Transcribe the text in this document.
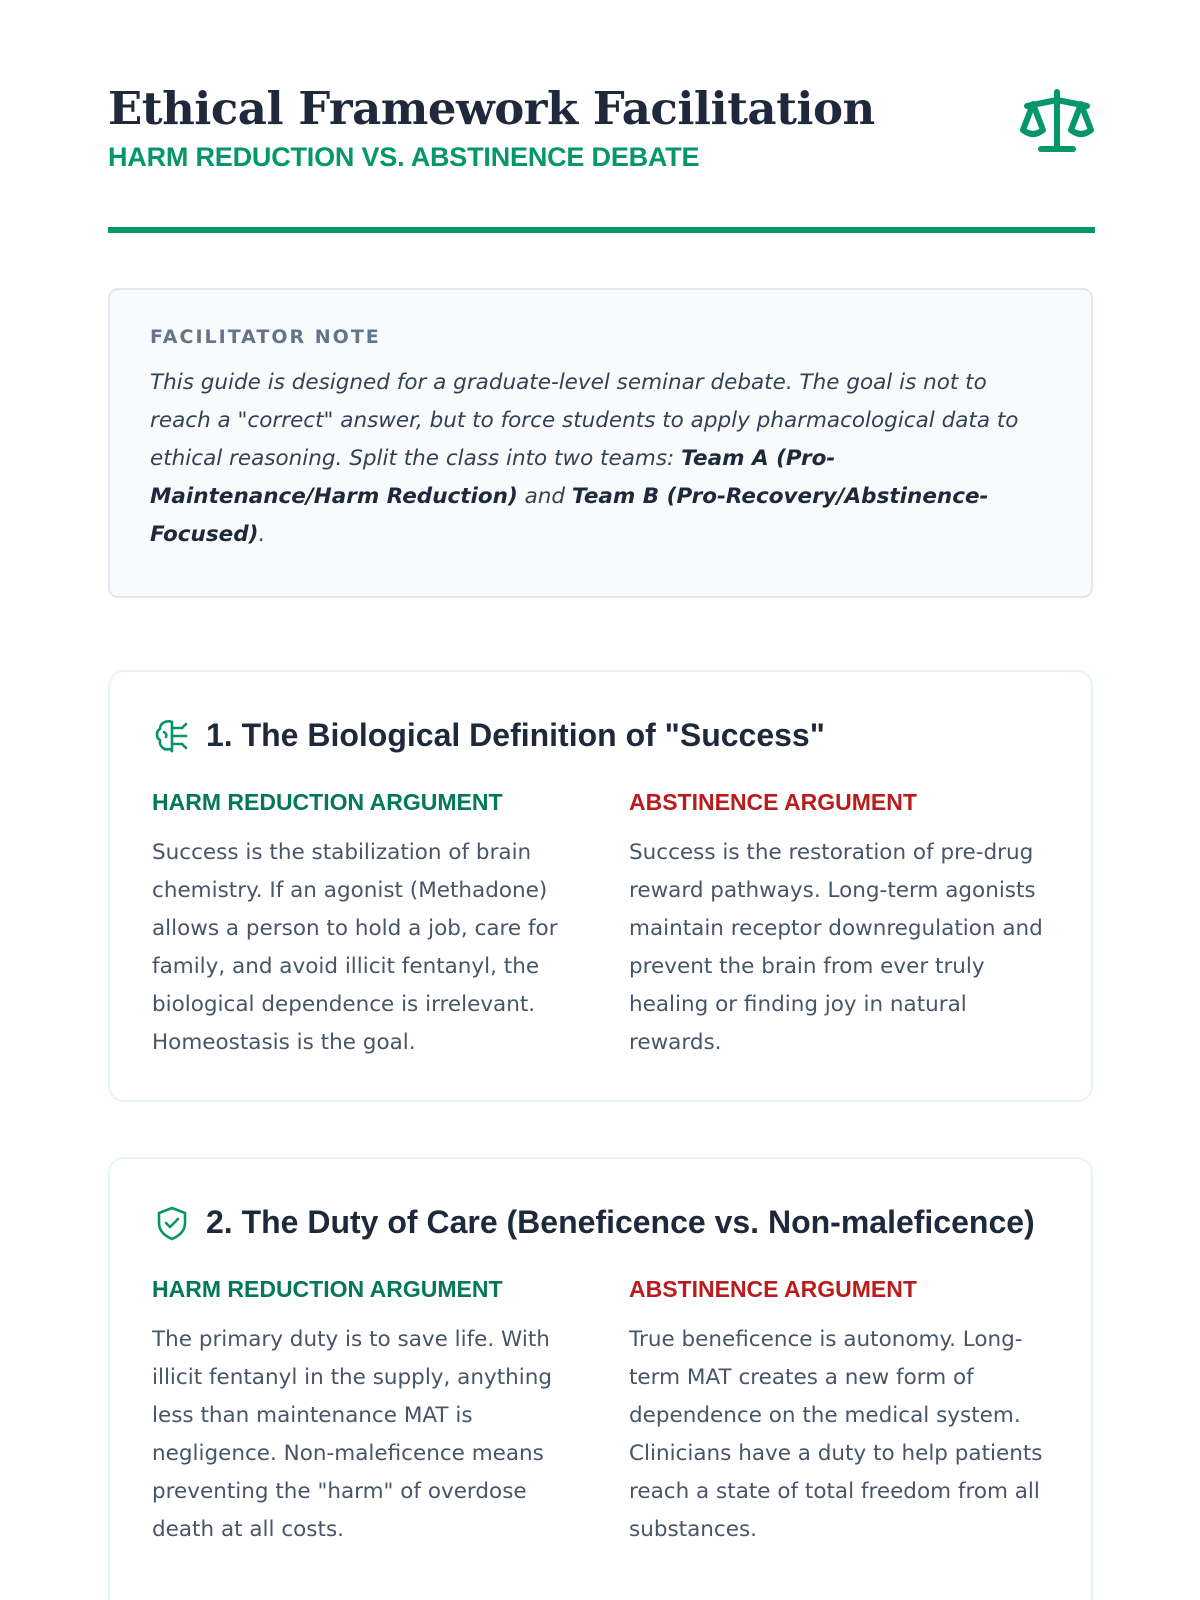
Ethical Framework Facilitation
HARM REDUCTION VS. ABSTINENCE DEBATE
FACILITATOR NOTE
This guide is designed for a graduate-level seminar debate. The goal is not to reach a "correct" answer, but to force students to apply pharmacological data to ethical reasoning. Split the class into two teams: Team A (Pro-Maintenance/Harm Reduction) and Team B (Pro-Recovery/Abstinence-Focused).
1. The Biological Definition of "Success"
HARM REDUCTION ARGUMENT
Success is the stabilization of brain chemistry. If an agonist (Methadone) allows a person to hold a job, care for family, and avoid illicit fentanyl, the biological dependence is irrelevant. Homeostasis is the goal.
ABSTINENCE ARGUMENT
Success is the restoration of pre-drug reward pathways. Long-term agonists maintain receptor downregulation and prevent the brain from ever truly healing or finding joy in natural rewards.
2. The Duty of Care (Beneficence vs. Non-maleficence)
HARM REDUCTION ARGUMENT
The primary duty is to save life. With illicit fentanyl in the supply, anything less than maintenance MAT is negligence. Non-maleficence means preventing the "harm" of overdose death at all costs.
ABSTINENCE ARGUMENT
True beneficence is autonomy. Long-term MAT creates a new form of dependence on the medical system. Clinicians have a duty to help patients reach a state of total freedom from all substances.
